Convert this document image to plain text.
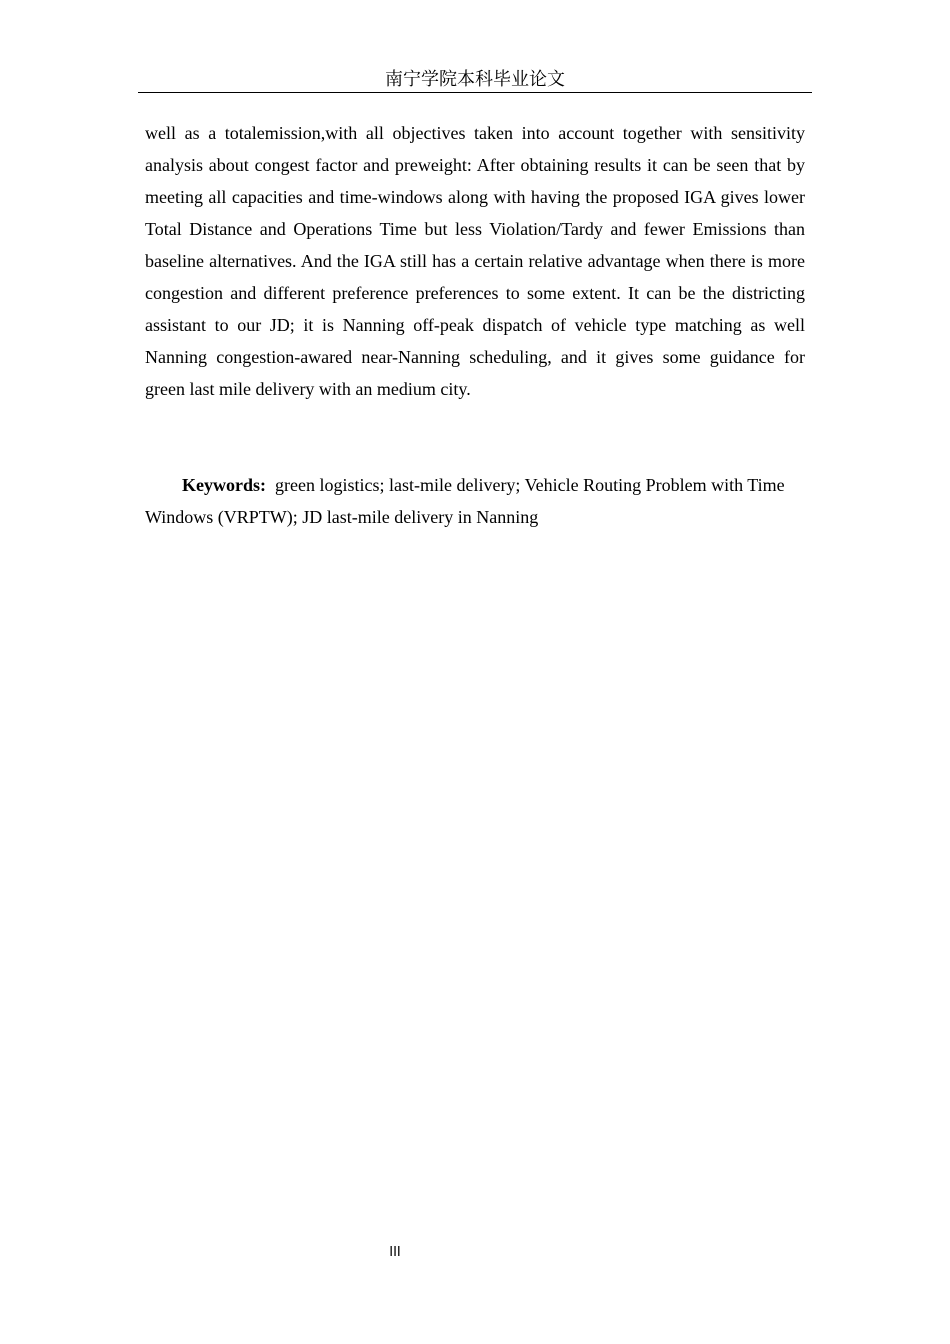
南宁学院本科毕业论文

well as a totalemission,with all objectives taken into account together with sensitivity analysis about congest factor and preweight: After obtaining results it can be seen that by meeting all capacities and time-windows along with having the proposed IGA gives lower Total Distance and Operations Time but less Violation/Tardy and fewer Emissions than baseline alternatives. And the IGA still has a certain relative advantage when there is more congestion and different preference preferences to some extent. It can be the districting assistant to our JD; it is Nanning off-peak dispatch of vehicle type matching as well Nanning congestion-awared near-Nanning scheduling, and it gives some guidance for green last mile delivery with an medium city.

Keywords: green logistics; last-mile delivery; Vehicle Routing Problem with Time Windows (VRPTW); JD last-mile delivery in Nanning

III
